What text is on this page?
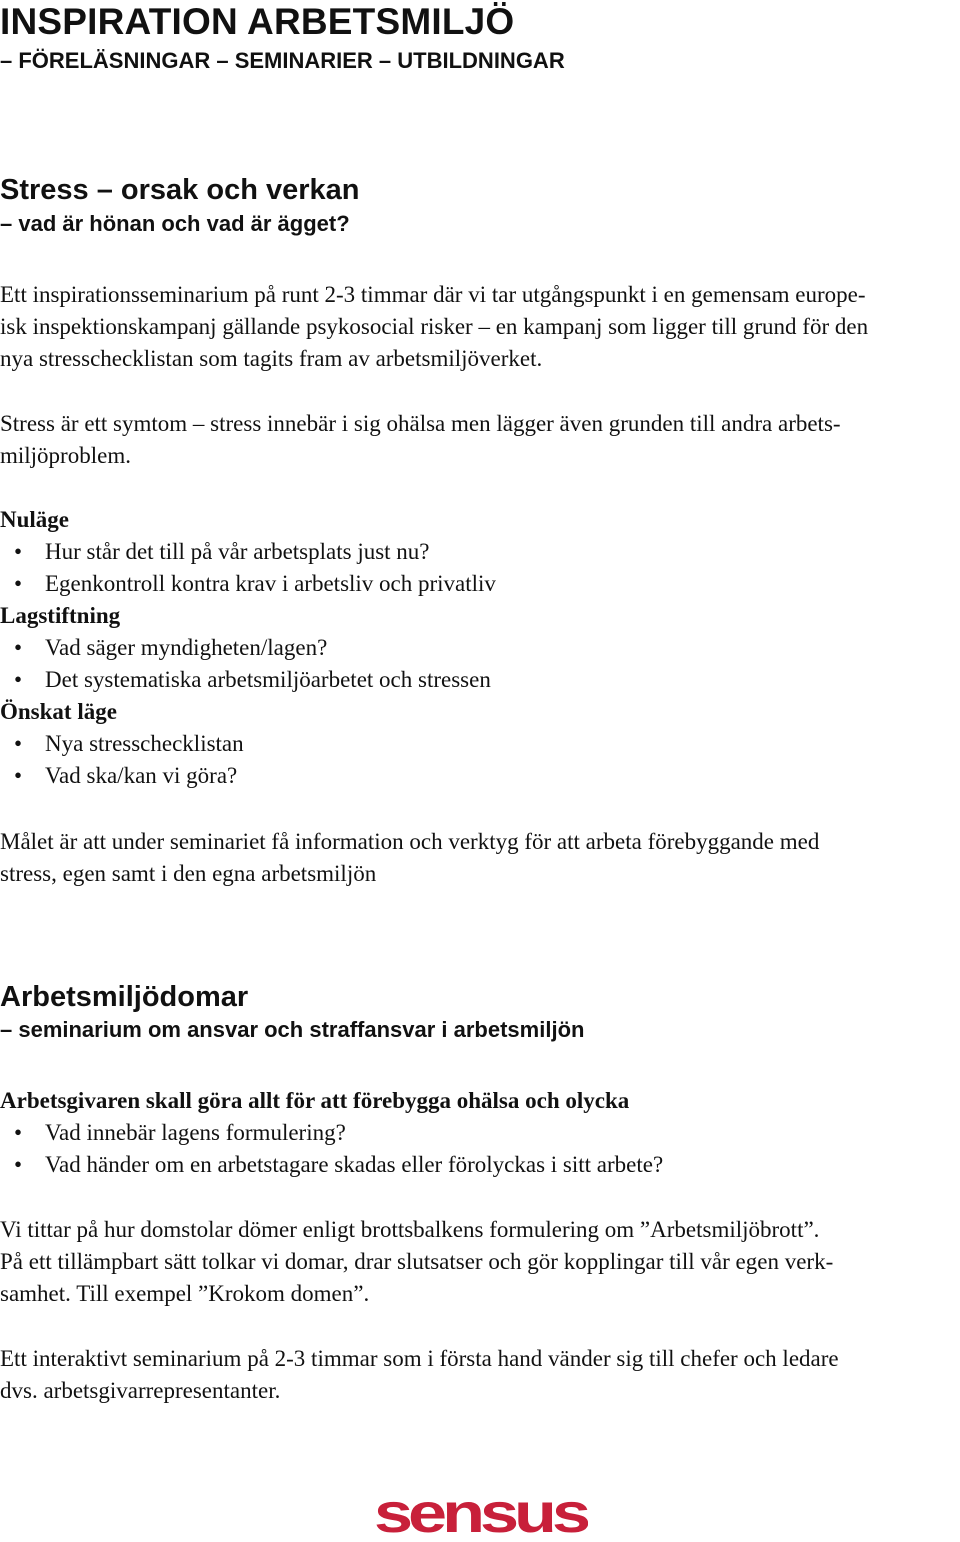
INSPIRATION ARBETSMILJÖ
– FÖRELÄSNINGAR – SEMINARIER – UTBILDNINGAR
Stress – orsak och verkan
– vad är hönan och vad är ägget?
Ett inspirationsseminarium på runt 2-3 timmar där vi tar utgångspunkt i en gemensam europe-
isk inspektionskampanj gällande psykosocial risker – en kampanj som ligger till grund för den
nya stresschecklistan som tagits fram av arbetsmiljöverket.
Stress är ett symtom – stress innebär i sig ohälsa men lägger även grunden till andra arbets-
miljöproblem.
Nuläge
• Hur står det till på vår arbetsplats just nu?
• Egenkontroll kontra krav i arbetsliv och privatliv
Lagstiftning
• Vad säger myndigheten/lagen?
• Det systematiska arbetsmiljöarbetet och stressen
Önskat läge
• Nya stresschecklistan
• Vad ska/kan vi göra?
Målet är att under seminariet få information och verktyg för att arbeta förebyggande med
stress, egen samt i den egna arbetsmiljön
Arbetsmiljödomar
– seminarium om ansvar och straffansvar i arbetsmiljön
Arbetsgivaren skall göra allt för att förebygga ohälsa och olycka
• Vad innebär lagens formulering?
• Vad händer om en arbetstagare skadas eller förolyckas i sitt arbete?
Vi tittar på hur domstolar dömer enligt brottsbalkens formulering om ”Arbetsmiljöbrott”.
På ett tillämpbart sätt tolkar vi domar, drar slutsatser och gör kopplingar till vår egen verk-
samhet. Till exempel ”Krokom domen”.
Ett interaktivt seminarium på 2-3 timmar som i första hand vänder sig till chefer och ledare
dvs. arbetsgivarrepresentanter.
sensus
